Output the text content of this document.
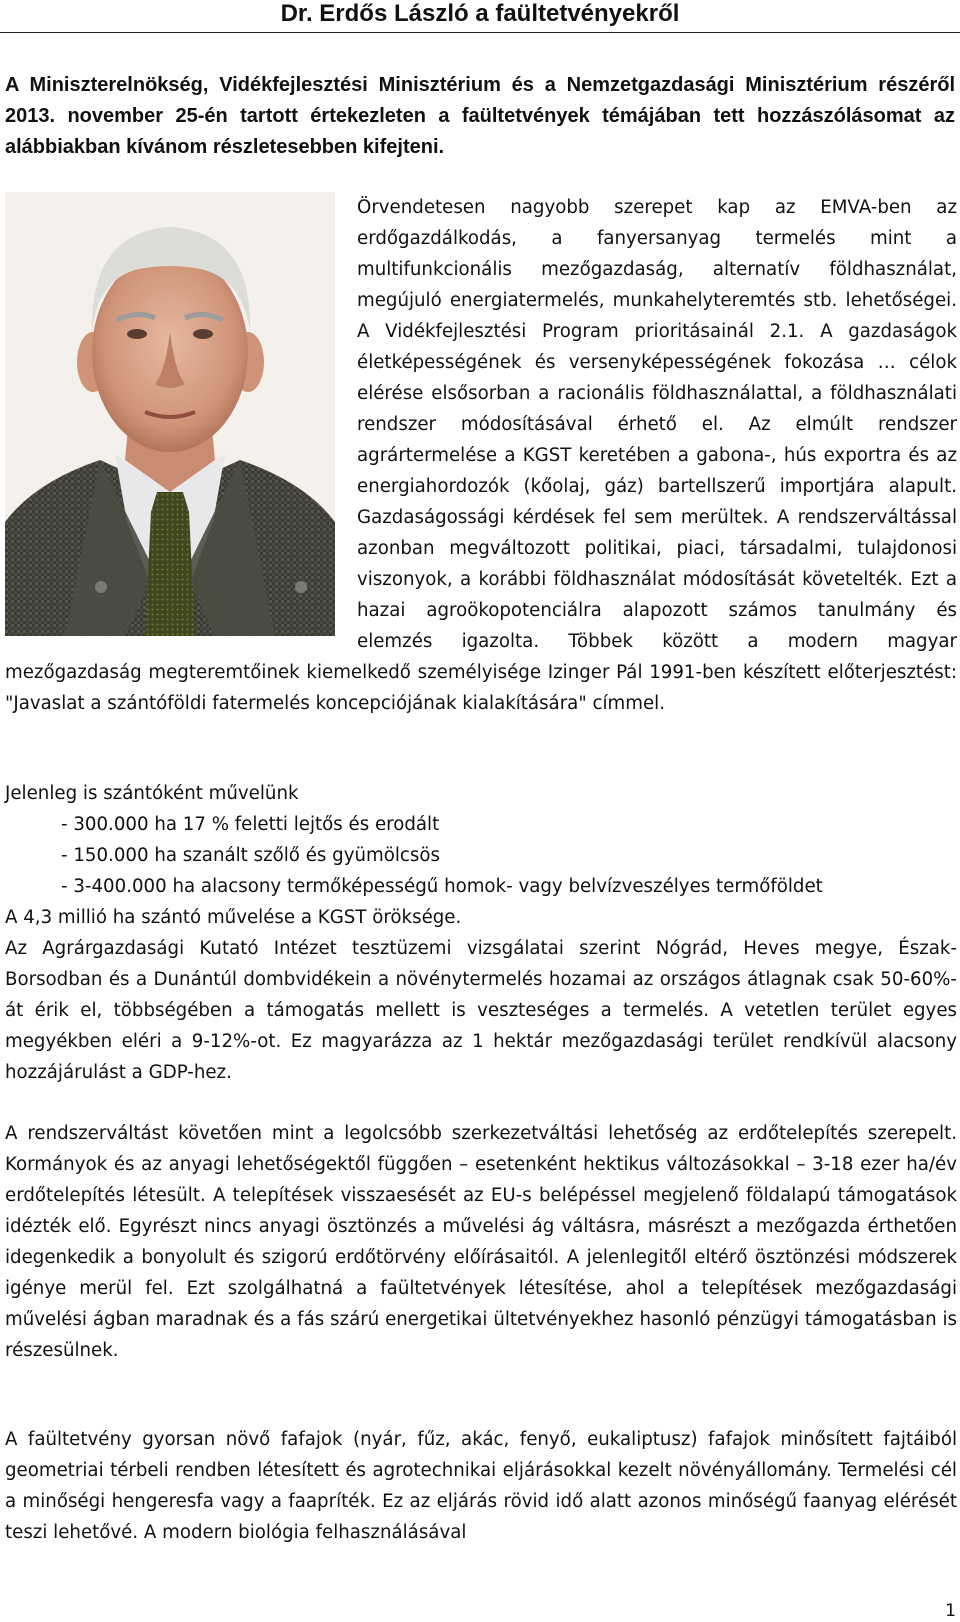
Dr. Erdős László a faültetvényekről

A Miniszterelnökség, Vidékfejlesztési Minisztérium és a Nemzetgazdasági Minisztérium részéről 2013. november 25-én tartott értekezleten a faültetvények témájában tett hozzászólásomat az alábbiakban kívánom részletesebben kifejteni.

Örvendetesen nagyobb szerepet kap az EMVA-ben az erdőgazdálkodás, a fanyersanyag termelés mint a multifunkcionális mezőgazdaság, alternatív földhasználat, megújuló energiatermelés, munkahelyteremtés stb. lehetőségei. A Vidékfejlesztési Program prioritásainál 2.1. A gazdaságok életképességének és versenyképességének fokozása … célok elérése elsősorban a racionális földhasználattal, a földhasználati rendszer módosításával érhető el. Az elmúlt rendszer agrártermelése a KGST keretében a gabona-, hús exportra és az energiahordozók (kőolaj, gáz) bartellszerű importjára alapult. Gazdaságossági kérdések fel sem merültek. A rendszerváltással azonban megváltozott politikai, piaci, társadalmi, tulajdonosi viszonyok, a korábbi földhasználat módosítását követelték. Ezt a hazai agroökopotenciálra alapozott számos tanulmány és elemzés igazolta. Többek között a modern magyar mezőgazdaság megteremtőinek kiemelkedő személyisége Izinger Pál 1991-ben készített előterjesztést: "Javaslat a szántóföldi fatermelés koncepciójának kialakítására" címmel.

Jelenleg is szántóként művelünk

- 300.000 ha 17 % feletti lejtős és erodált

- 150.000 ha szanált szőlő és gyümölcsös

- 3-400.000 ha alacsony termőképességű homok- vagy belvízveszélyes termőföldet

A 4,3 millió ha szántó művelése a KGST öröksége.

Az Agrárgazdasági Kutató Intézet tesztüzemi vizsgálatai szerint Nógrád, Heves megye, Észak-Borsodban és a Dunántúl dombvidékein a növénytermelés hozamai az országos átlagnak csak 50-60%-át érik el, többségében a támogatás mellett is veszteséges a termelés. A vetetlen terület egyes megyékben eléri a 9-12%-ot. Ez magyarázza az 1 hektár mezőgazdasági terület rendkívül alacsony hozzájárulást a GDP-hez.

A rendszerváltást követően mint a legolcsóbb szerkezetváltási lehetőség az erdőtelepítés szerepelt. Kormányok és az anyagi lehetőségektől függően – esetenként hektikus változásokkal – 3-18 ezer ha/év erdőtelepítés létesült. A telepítések visszaesését az EU-s belépéssel megjelenő földalapú támogatások idézték elő. Egyrészt nincs anyagi ösztönzés a művelési ág váltásra, másrészt a mezőgazda érthetően idegenkedik a bonyolult és szigorú erdőtörvény előírásaitól. A jelenlegitől eltérő ösztönzési módszerek igénye merül fel. Ezt szolgálhatná a faültetvények létesítése, ahol a telepítések mezőgazdasági művelési ágban maradnak és a fás szárú energetikai ültetvényekhez hasonló pénzügyi támogatásban is részesülnek.

A faültetvény gyorsan növő fafajok (nyár, fűz, akác, fenyő, eukaliptusz) fafajok minősített fajtáiból geometriai térbeli rendben létesített és agrotechnikai eljárásokkal kezelt növényállomány. Termelési cél a minőségi hengeresfa vagy a faapríték. Ez az eljárás rövid idő alatt azonos minőségű faanyag elérését teszi lehetővé. A modern biológia felhasználásával

1
